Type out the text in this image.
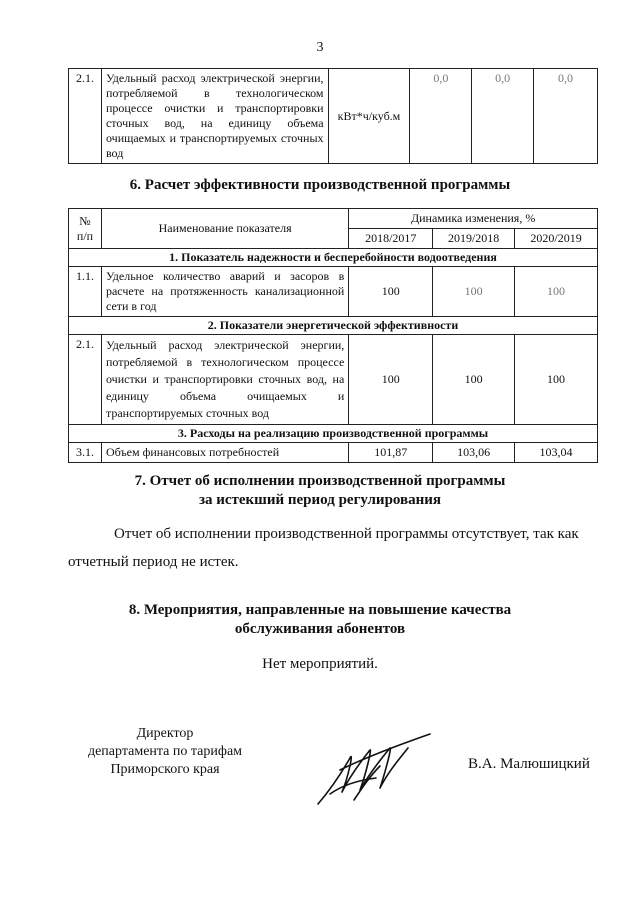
3
2.1.	Удельный расход электрической энергии, потребляемой в технологическом процессе очистки и транспортировки сточных вод, на единицу объема очищаемых и транспортируемых сточных вод	кВт*ч/куб.м	0,0	0,0	0,0
6. Расчет эффективности производственной программы
№
п/п	Наименование показателя	Динамика изменения, %		
		2018/2017	2019/2018	2020/2019
1. Показатель надежности и бесперебойности водоотведения				
1.1.	Удельное количество аварий и засоров в расчете на протяженность канализационной сети в год	100	100	100
2. Показатели энергетической эффективности				
2.1.	Удельный расход электрической энергии, потребляемой в технологическом процессе очистки и транспортировки сточных вод, на единицу объема очищаемых и транспортируемых сточных вод	100	100	100
3. Расходы на реализацию производственной программы				
3.1.	Объем финансовых потребностей	101,87	103,06	103,04
7. Отчет об исполнении производственной программы
за истекший период регулирования
Отчет об исполнении производственной программы отсутствует, так как
отчетный период не истек.
8. Мероприятия, направленные на повышение качества
обслуживания абонентов
Нет мероприятий.
Директор
департамента по тарифам
Приморского края	В.А. Малюшицкий
